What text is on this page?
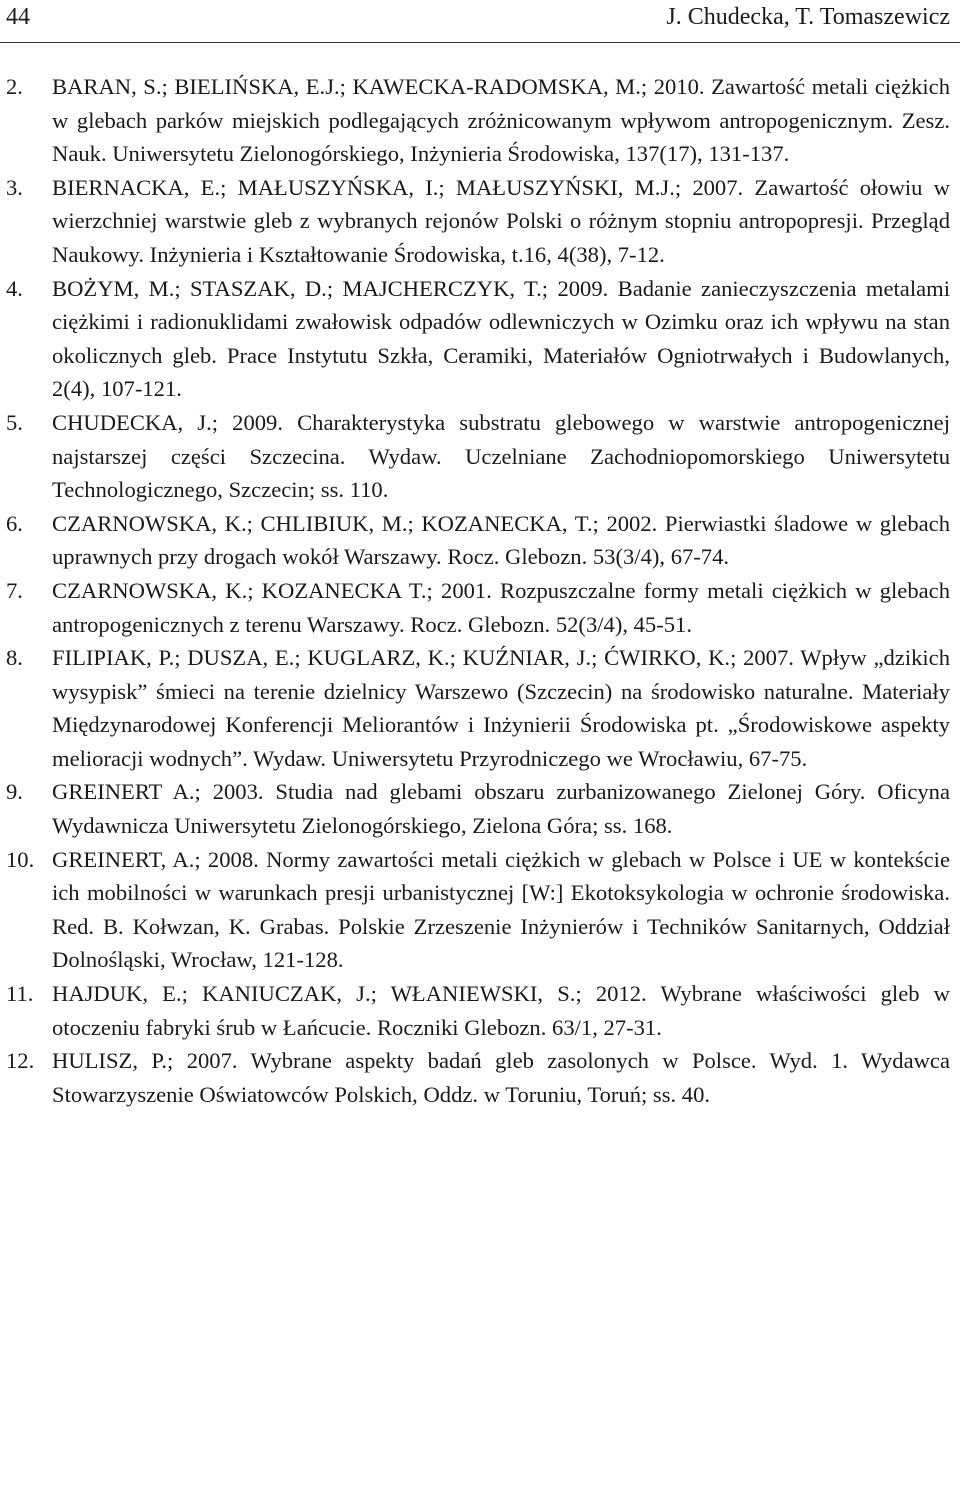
44	J. Chudecka, T. Tomaszewicz
2. BARAN, S.; BIELIŃSKA, E.J.; KAWECKA-RADOMSKA, M.; 2010. Zawartość metali ciężkich w glebach parków miejskich podlegających zróżnicowanym wpływom antropogenicznym. Zesz. Nauk. Uniwersytetu Zielonogórskiego, Inżynieria Środowiska, 137(17), 131-137.
3. BIERNACKA, E.; MAŁUSZYŃSKA, I.; MAŁUSZYŃSKI, M.J.; 2007. Zawartość ołowiu w wierzchniej warstwie gleb z wybranych rejonów Polski o różnym stopniu antropopresji. Przegląd Naukowy. Inżynieria i Kształtowanie Środowiska, t.16, 4(38), 7-12.
4. BOŻYM, M.; STASZAK, D.; MAJCHERCZYK, T.; 2009. Badanie zanieczyszczenia metalami ciężkimi i radionuklidami zwałowisk odpadów odlewniczych w Ozimku oraz ich wpływu na stan okolicznych gleb. Prace Instytutu Szkła, Ceramiki, Materiałów Ogniotrwałych i Budowlanych, 2(4), 107-121.
5. CHUDECKA, J.; 2009. Charakterystyka substratu glebowego w warstwie antropogenicznej najstarszej części Szczecina. Wydaw. Uczelniane Zachodniopomorskiego Uniwersytetu Technologicznego, Szczecin; ss. 110.
6. CZARNOWSKA, K.; CHLIBIUK, M.; KOZANECKA, T.; 2002. Pierwiastki śladowe w glebach uprawnych przy drogach wokół Warszawy. Rocz. Glebozn. 53(3/4), 67-74.
7. CZARNOWSKA, K.; KOZANECKA T.; 2001. Rozpuszczalne formy metali ciężkich w glebach antropogenicznych z terenu Warszawy. Rocz. Glebozn. 52(3/4), 45-51.
8. FILIPIAK, P.; DUSZA, E.; KUGLARZ, K.; KUŹNIAR, J.; ĆWIRKO, K.; 2007. Wpływ „dzikich wysypisk” śmieci na terenie dzielnicy Warszewo (Szczecin) na środowisko naturalne. Materiały Międzynarodowej Konferencji Meliorantów i Inżynierii Środowiska pt. „Środowiskowe aspekty melioracji wodnych”. Wydaw. Uniwersytetu Przyrodniczego we Wrocławiu, 67-75.
9. GREINERT A.; 2003. Studia nad glebami obszaru zurbanizowanego Zielonej Góry. Oficyna Wydawnicza Uniwersytetu Zielonogórskiego, Zielona Góra; ss. 168.
10. GREINERT, A.; 2008. Normy zawartości metali ciężkich w glebach w Polsce i UE w kontekście ich mobilności w warunkach presji urbanistycznej [W:] Ekotoksykologia w ochronie środowiska. Red. B. Kołwzan, K. Grabas. Polskie Zrzeszenie Inżynierów i Techników Sanitarnych, Oddział Dolnośląski, Wrocław, 121-128.
11. HAJDUK, E.; KANIUCZAK, J.; WŁANIEWSKI, S.; 2012. Wybrane właściwości gleb w otoczeniu fabryki śrub w Łańcucie. Roczniki Glebozn. 63/1, 27-31.
12. HULISZ, P.; 2007. Wybrane aspekty badań gleb zasolonych w Polsce. Wyd. 1. Wydawca Stowarzyszenie Oświatowców Polskich, Oddz. w Toruniu, Toruń; ss. 40.
